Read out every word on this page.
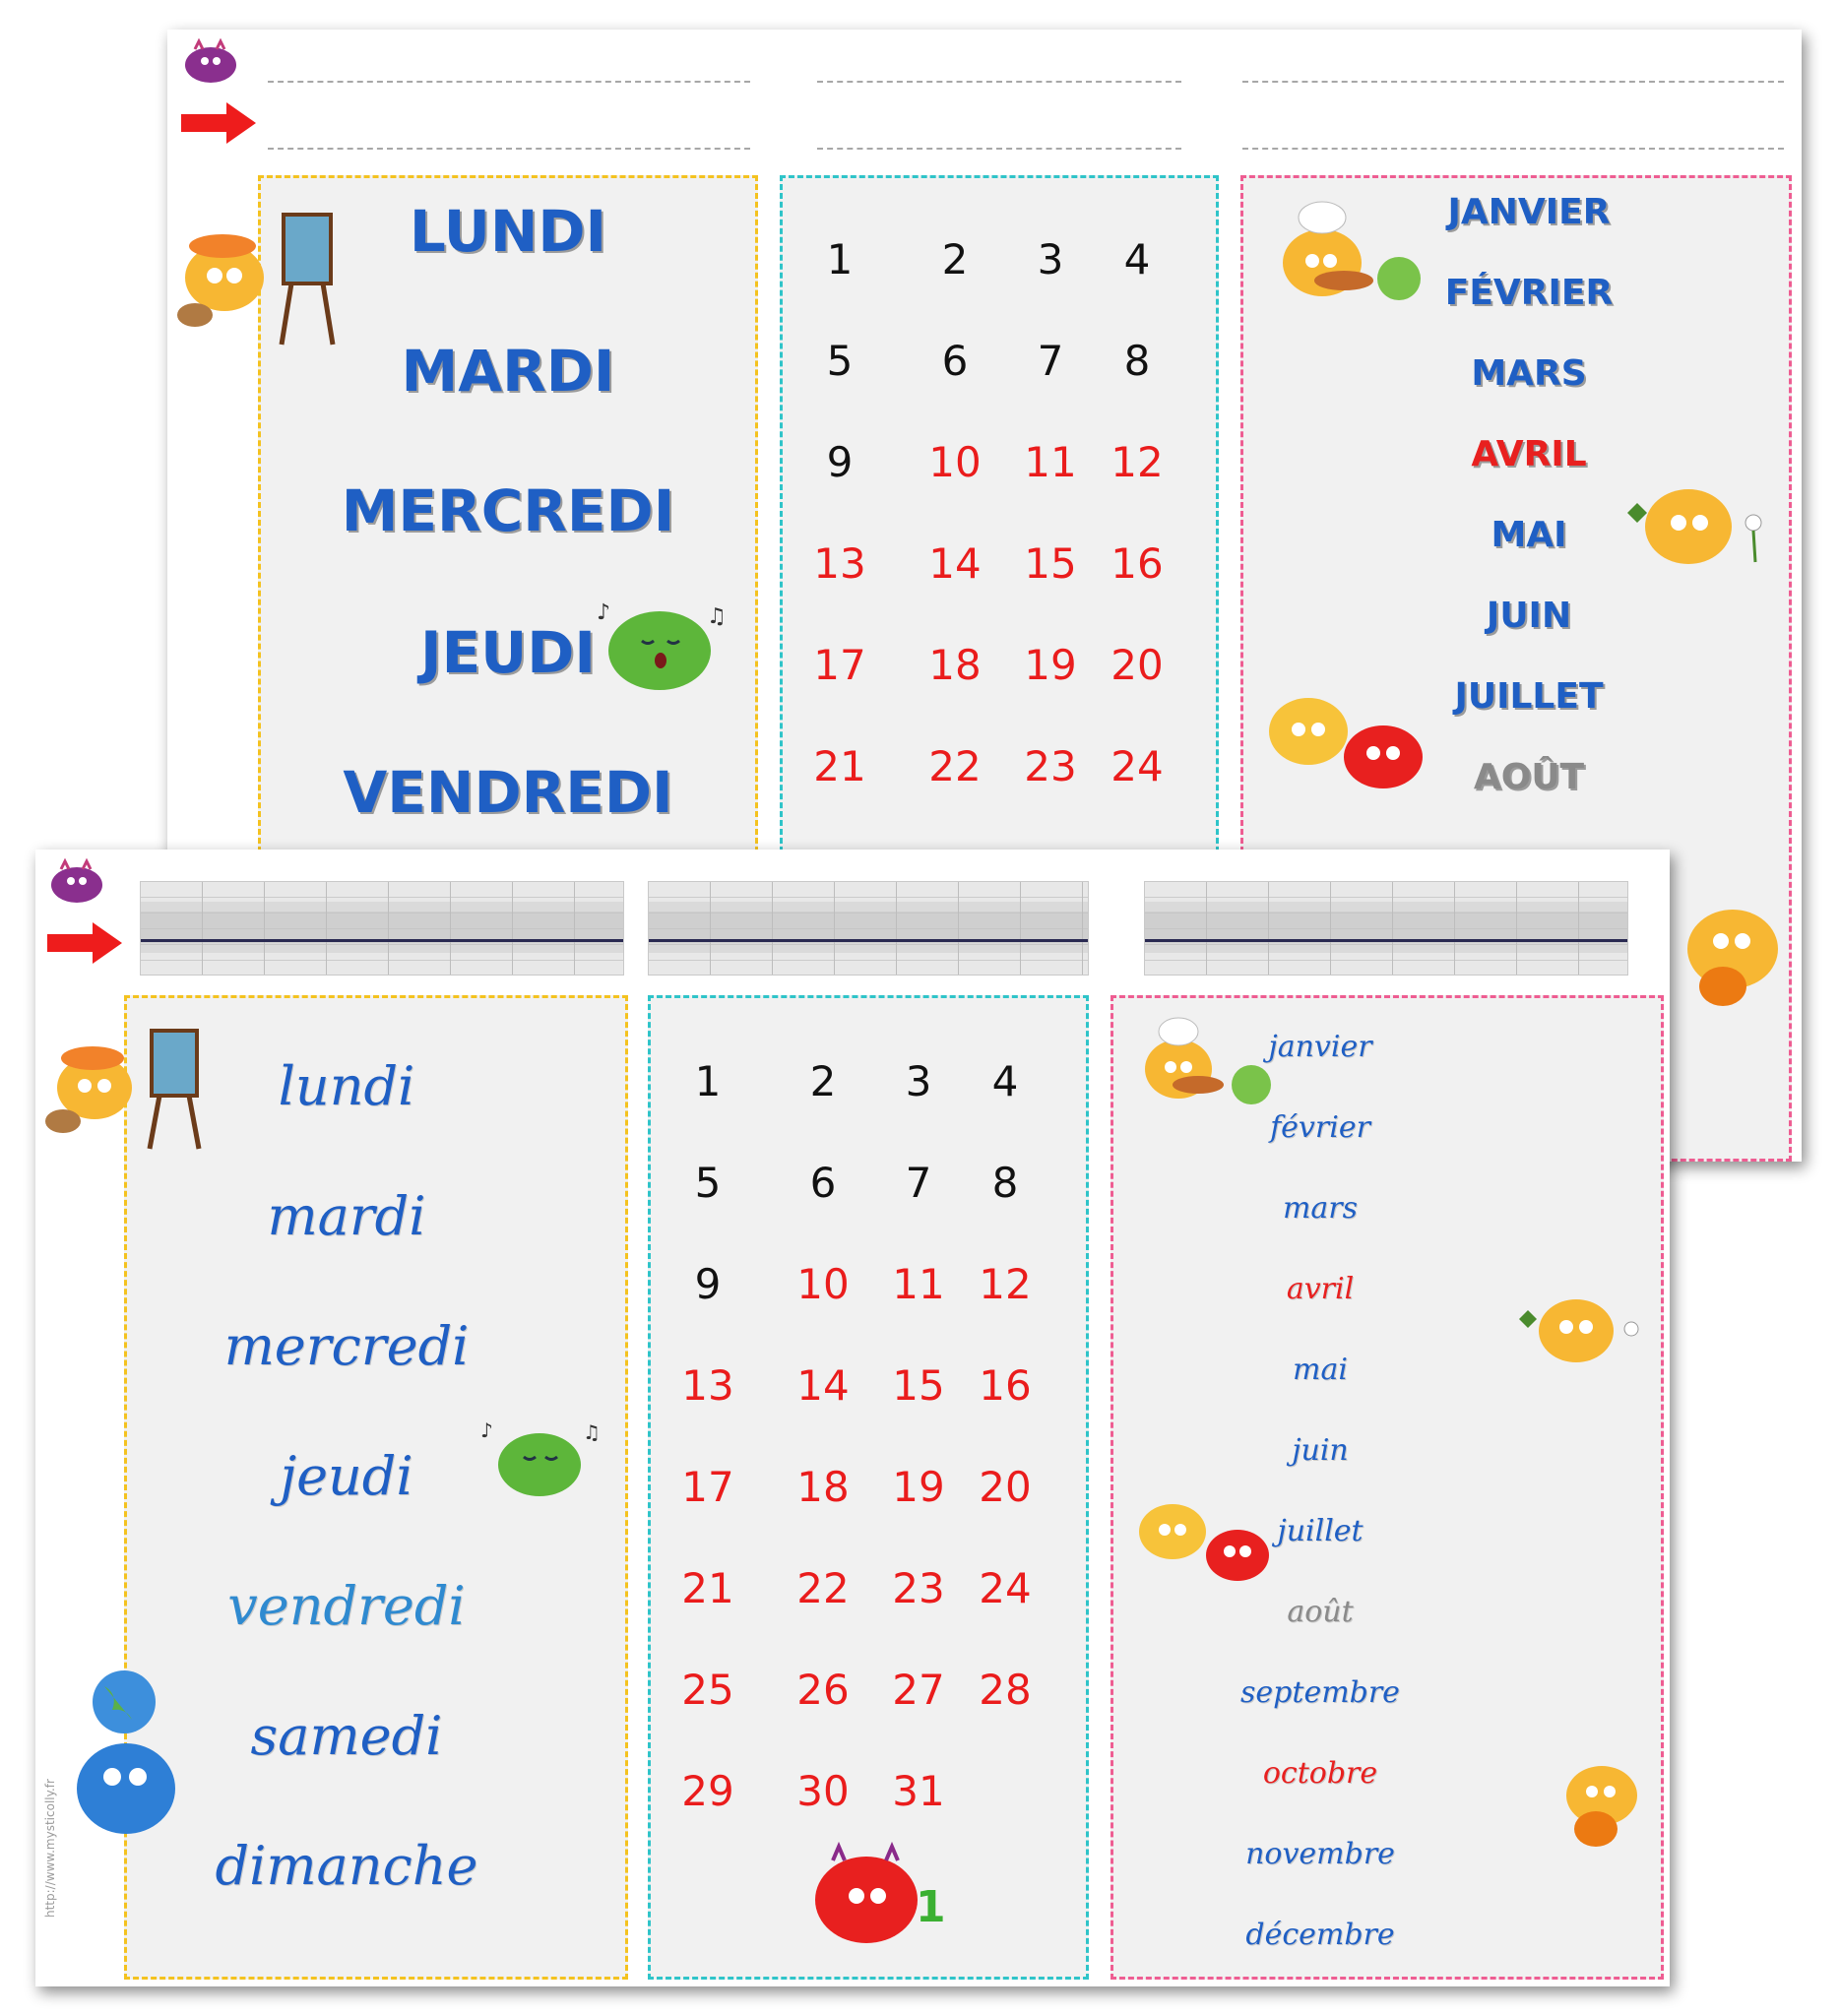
LUNDI
MARDI
MERCREDI
JEUDI
VENDREDI
♪	♫
1	2	3	4
5	6	7	8
9	10	11 12
13	14	15 16
17	18	19 20
21	22	23 24
JANVIER
FÉVRIER
MARS
AVRIL
MAI
JUIN
JUILLET
AOÛT
♪	♫
lundi
mardi
mercredi
jeudi
vendredi
samedi
dimanche
http://www.mysticolly.fr	1
1	2	3	4
5	6	7	8
9	10	11 12
13	14	15 16
17	18	19 20
21	22	23 24
25	26	27 28
29	30	31
janvier
février
mars
avril
mai
juin
juillet
août
septembre
octobre
novembre
décembre
